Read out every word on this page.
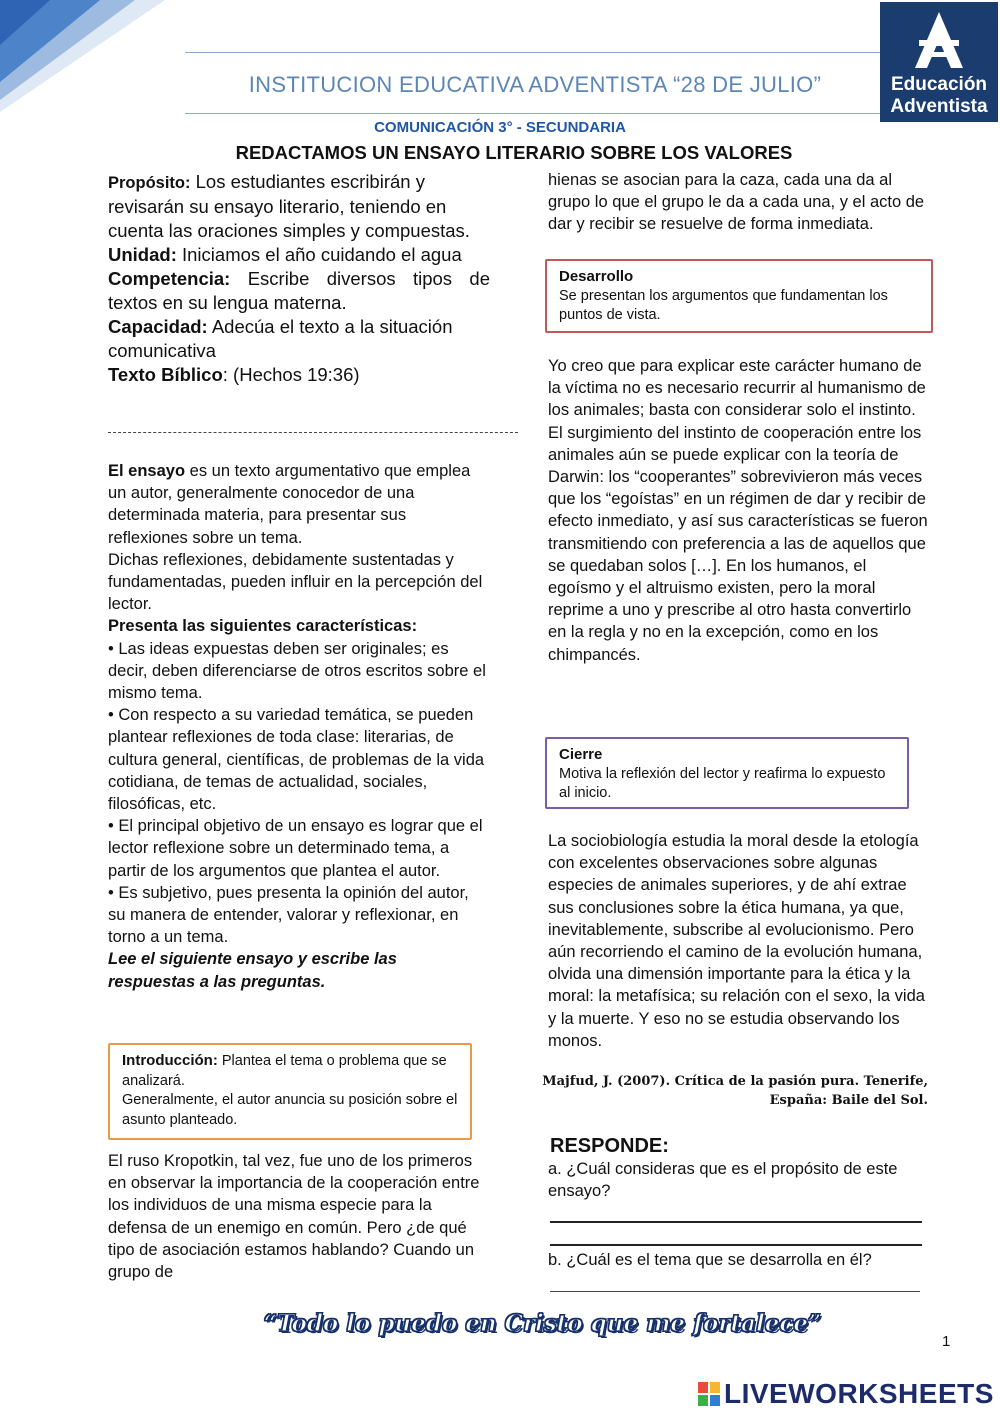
INSTITUCION EDUCATIVA ADVENTISTA “28 DE JULIO”	Educación
Adventista
COMUNICACIÓN 3° - SECUNDARIA
REDACTAMOS UN ENSAYO LITERARIO SOBRE LOS VALORES

Propósito: Los estudiantes escribirán y revisarán su ensayo literario, teniendo en cuenta las oraciones simples y compuestas.

Unidad: Iniciamos el año cuidando el agua

Competencia: Escribe diversos tipos de textos en su lengua materna.

Capacidad: Adecúa el texto a la situación comunicativa

Texto Bíblico: (Hechos 19:36)

El ensayo es un texto argumentativo que emplea un autor, generalmente conocedor de una determinada materia, para presentar sus reflexiones sobre un tema.
Dichas reflexiones, debidamente sustentadas y fundamentadas, pueden influir en la percepción del lector.
Presenta las siguientes características:
• Las ideas expuestas deben ser originales; es decir, deben diferenciarse de otros escritos sobre el mismo tema.
• Con respecto a su variedad temática, se pueden plantear reflexiones de toda clase: literarias, de cultura general, científicas, de problemas de la vida cotidiana, de temas de actualidad, sociales, filosóficas, etc.
• El principal objetivo de un ensayo es lograr que el lector reflexione sobre un determinado tema, a partir de los argumentos que plantea el autor.
• Es subjetivo, pues presenta la opinión del autor, su manera de entender, valorar y reflexionar, en torno a un tema.
Lee el siguiente ensayo y escribe las respuestas a las preguntas.
Introducción: Plantea el tema o problema que se analizará.
Generalmente, el autor anuncia su posición sobre el asunto planteado.
El ruso Kropotkin, tal vez, fue uno de los primeros en observar la importancia de la cooperación entre los individuos de una misma especie para la defensa de un enemigo en común. Pero ¿de qué tipo de asociación estamos hablando? Cuando un grupo de
hienas se asocian para la caza, cada una da al grupo lo que el grupo le da a cada una, y el acto de dar y recibir se resuelve de forma inmediata.
Desarrollo
Se presentan los argumentos que fundamentan los puntos de vista.
Yo creo que para explicar este carácter humano de la víctima no es necesario recurrir al humanismo de los animales; basta con considerar solo el instinto.
El surgimiento del instinto de cooperación entre los animales aún se puede explicar con la teoría de Darwin: los “cooperantes” sobrevivieron más veces que los “egoístas” en un régimen de dar y recibir de efecto inmediato, y así sus características se fueron transmitiendo con preferencia a las de aquellos que se quedaban solos […]. En los humanos, el egoísmo y el altruismo existen, pero la moral reprime a uno y prescribe al otro hasta convertirlo en la regla y no en la excepción, como en los chimpancés.
Cierre
Motiva la reflexión del lector y reafirma lo expuesto al inicio.
La sociobiología estudia la moral desde la etología con excelentes observaciones sobre algunas especies de animales superiores, y de ahí extrae sus conclusiones sobre la ética humana, ya que, inevitablemente, subscribe al evolucionismo. Pero aún recorriendo el camino de la evolución humana, olvida una dimensión importante para la ética y la moral: la metafísica; su relación con el sexo, la vida y la muerte. Y eso no se estudia observando los monos.
Majfud, J. (2007). Crítica de la pasión pura. Tenerife,
España: Baile del Sol.
RESPONDE:
a. ¿Cuál consideras que es el propósito de este ensayo?
b. ¿Cuál es el tema que se desarrolla en él?
“Todo lo puedo en Cristo que me fortalece”
1
LIVEWORKSHEETS
